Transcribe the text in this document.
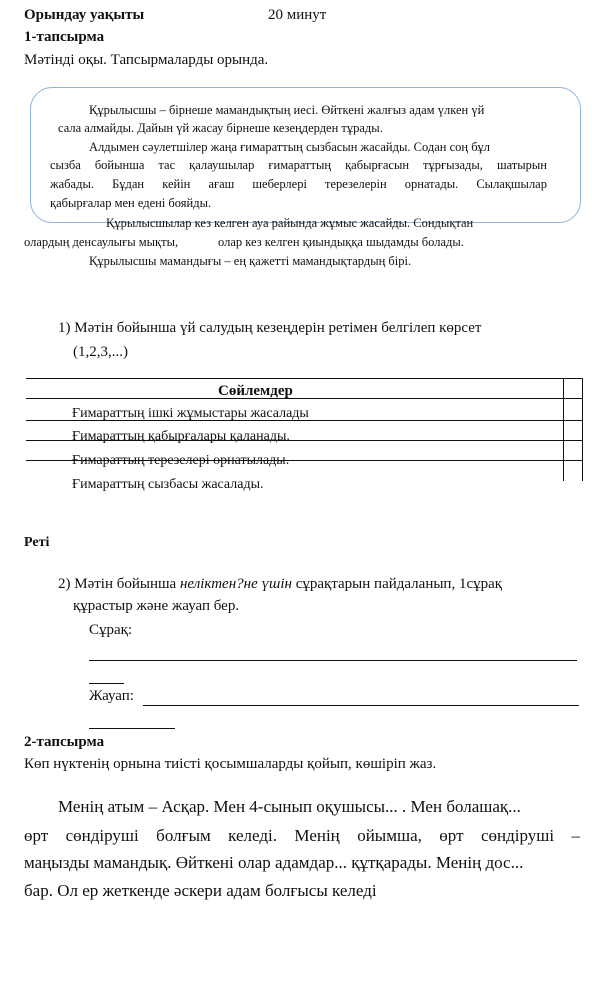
Орындау уақыты	20 минут
1-тапсырма
Мәтінді оқы. Тапсырмаларды орында.
Құрылысшы – бірнеше мамандықтың иесі. Өйткені жалғыз адам үлкен үй
сала алмайды. Дайын үй жасау бірнеше кезеңдерден тұрады.
Алдымен сәулетшілер жаңа ғимараттың сызбасын жасайды. Содан соң бұл
сызба бойынша тас қалаушылар ғимараттың қабырғасын тұрғызады, шатырын
жабады. Бұдан кейін ағаш шеберлері терезелерін орнатады. Сылақшылар
қабырғалар мен едені бояйды.
Құрылысшылар кез келген ауа райында жұмыс жасайды. Сондықтан
олардың денсаулығы мықты,	олар кез келген қиындыққа шыдамды болады.
Құрылысшы мамандығы – ең қажетті мамандықтардың бірі.
1) Мәтін бойынша үй салудың кезеңдерін ретімен белгілеп көрсет
(1,2,3,...)
Сөйлемдер
Ғимараттың ішкі жұмыстары жасалады
Ғимараттың қабырғалары қаланады.
Ғимараттың терезелері орнатылады.
Ғимараттың сызбасы жасалады.
Реті
2) Мәтін бойынша неліктен?не үшін сұрақтарын пайдаланып, 1сұрақ
құрастыр және жауап бер.
Сұрақ:
Жауап:
2-тапсырма
Көп нүктенің орнына тиісті қосымшаларды қойып, көшіріп жаз.
Менің атым – Асқар. Мен 4-сынып оқушысы... . Мен болашақ...
өрт сөндіруші болғым келеді. Менің ойымша, өрт сөндіруші –
маңызды мамандық. Өйткені олар адамдар... құтқарады. Менің дос...
бар. Ол ер жеткенде әскери адам болғысы келеді
